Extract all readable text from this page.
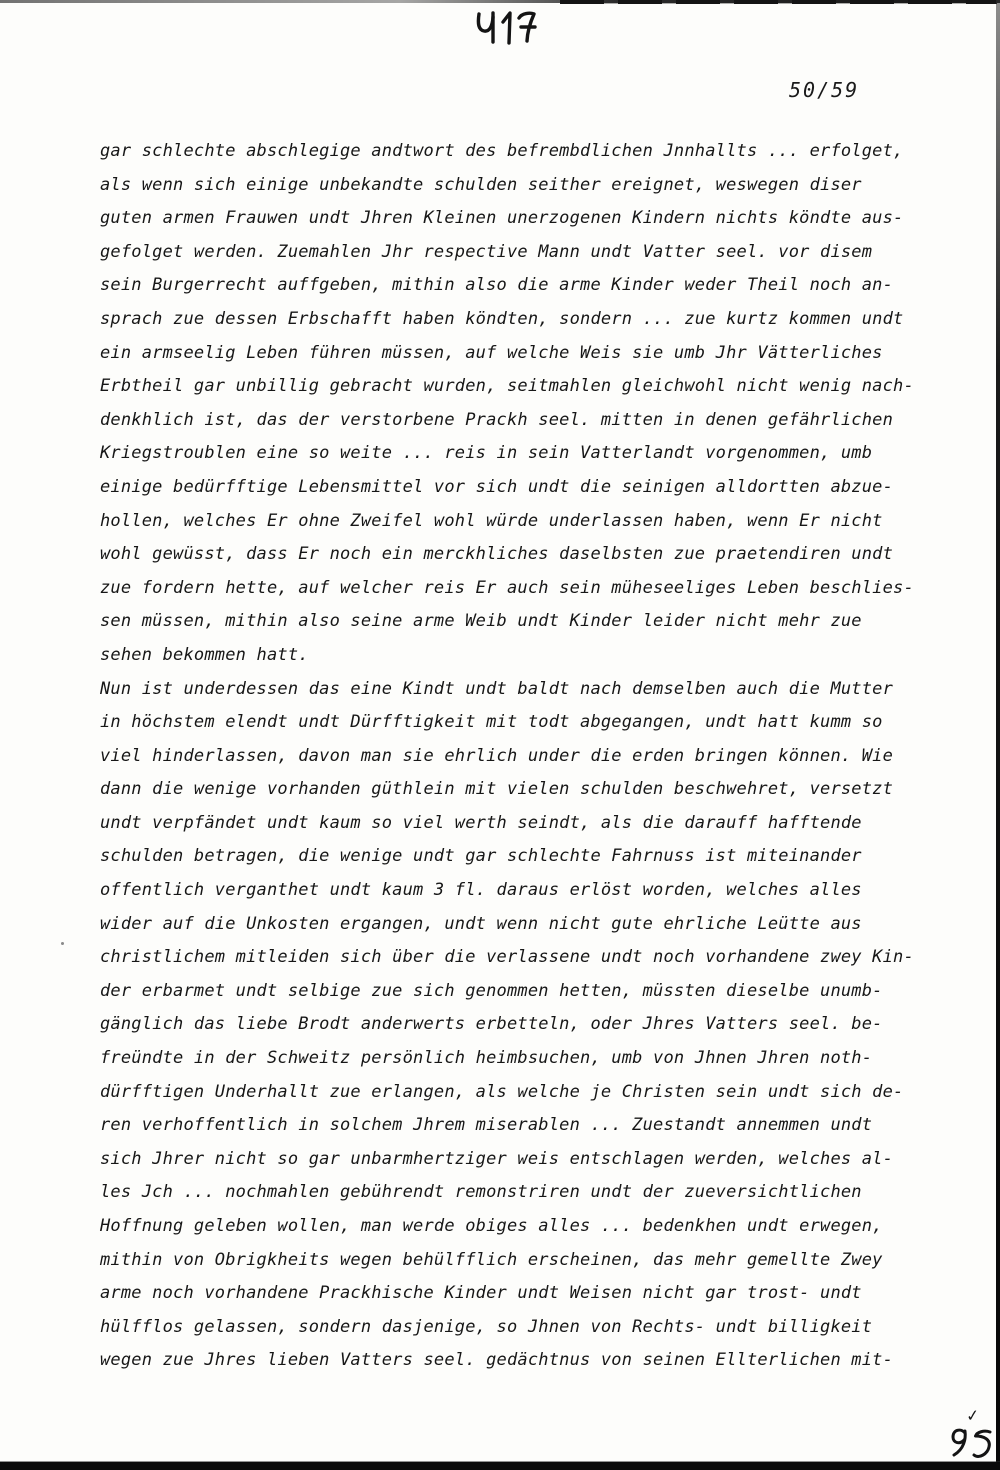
50/59
gar schlechte abschlegige andtwort des befrembdlichen Jnnhallts ... erfolget,
als wenn sich einige unbekandte schulden seither ereignet, weswegen diser
guten armen Frauwen undt Jhren Kleinen unerzogenen Kindern nichts köndte aus-
gefolget werden. Zuemahlen Jhr respective Mann undt Vatter seel. vor disem
sein Burgerrecht auffgeben, mithin also die arme Kinder weder Theil noch an-
sprach zue dessen Erbschafft haben köndten, sondern ... zue kurtz kommen undt
ein armseelig Leben führen müssen, auf welche Weis sie umb Jhr Vätterliches
Erbtheil gar unbillig gebracht wurden, seitmahlen gleichwohl nicht wenig nach-
denkhlich ist, das der verstorbene Prackh seel. mitten in denen gefährlichen
Kriegstroublen eine so weite ... reis in sein Vatterlandt vorgenommen, umb
einige bedürfftige Lebensmittel vor sich undt die seinigen alldortten abzue-
hollen, welches Er ohne Zweifel wohl würde underlassen haben, wenn Er nicht
wohl gewüsst, dass Er noch ein merckhliches daselbsten zue praetendiren undt
zue fordern hette, auf welcher reis Er auch sein müheseeliges Leben beschlies-
sen müssen, mithin also seine arme Weib undt Kinder leider nicht mehr zue
sehen bekommen hatt.
Nun ist underdessen das eine Kindt undt baldt nach demselben auch die Mutter
in höchstem elendt undt Dürfftigkeit mit todt abgegangen, undt hatt kumm so
viel hinderlassen, davon man sie ehrlich under die erden bringen können. Wie
dann die wenige vorhanden güthlein mit vielen schulden beschwehret, versetzt
undt verpfändet undt kaum so viel werth seindt, als die darauff hafftende
schulden betragen, die wenige undt gar schlechte Fahrnuss ist miteinander
offentlich verganthet undt kaum 3 fl. daraus erlöst worden, welches alles
wider auf die Unkosten ergangen, undt wenn nicht gute ehrliche Leütte aus
christlichem mitleiden sich über die verlassene undt noch vorhandene zwey Kin-
der erbarmet undt selbige zue sich genommen hetten, müssten dieselbe unumb-
gänglich das liebe Brodt anderwerts erbetteln, oder Jhres Vatters seel. be-
freündte in der Schweitz persönlich heimbsuchen, umb von Jhnen Jhren noth-
dürfftigen Underhallt zue erlangen, als welche je Christen sein undt sich de-
ren verhoffentlich in solchem Jhrem miserablen ... Zuestandt annemmen undt
sich Jhrer nicht so gar unbarmhertziger weis entschlagen werden, welches al-
les Jch ... nochmahlen gebührendt remonstriren undt der zueversichtlichen
Hoffnung geleben wollen, man werde obiges alles ... bedenkhen undt erwegen,
mithin von Obrigkheits wegen behülfflich erscheinen, das mehr gemellte Zwey
arme noch vorhandene Prackhische Kinder undt Weisen nicht gar trost- undt
hülfflos gelassen, sondern dasjenige, so Jhnen von Rechts- undt billigkeit
wegen zue Jhres lieben Vatters seel. gedächtnus von seinen Ellterlichen mit-
✓
